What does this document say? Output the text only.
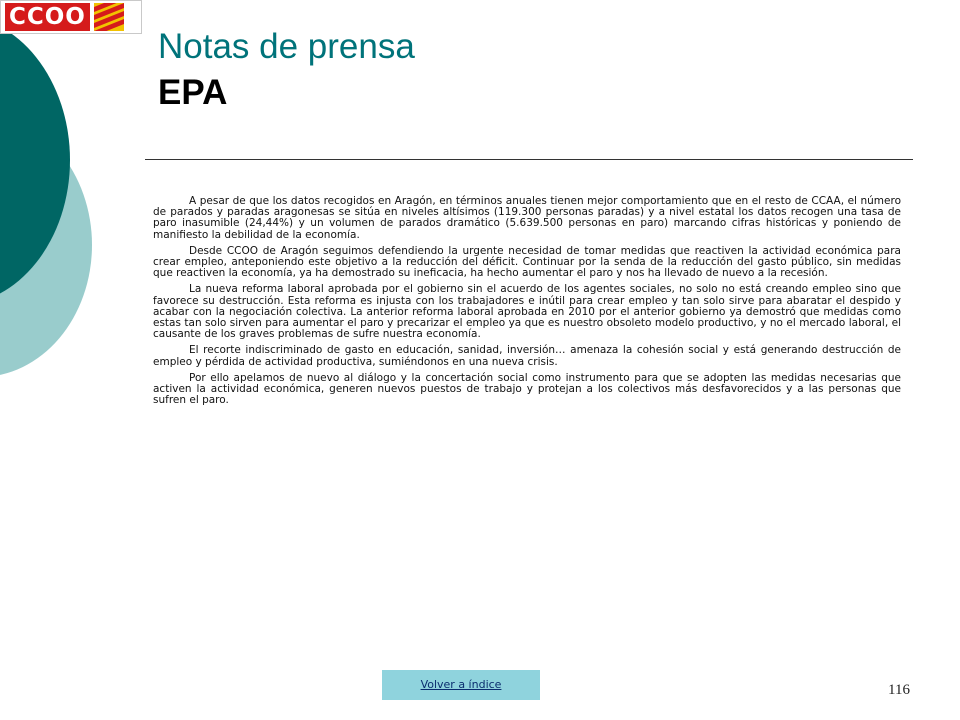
CCOO
Notas de prensa
EPA

A pesar de que los datos recogidos en Aragón, en términos anuales tienen mejor comportamiento que en el resto de CCAA, el número de parados y paradas aragonesas se sitúa en niveles altísimos (119.300 personas paradas) y a nivel estatal los datos recogen una tasa de paro inasumible (24,44%) y un volumen de parados dramático (5.639.500 personas en paro) marcando cifras históricas y poniendo de manifiesto la debilidad de la economía.

Desde CCOO de Aragón seguimos defendiendo la urgente necesidad de tomar medidas que reactiven la actividad económica para crear empleo, anteponiendo este objetivo a la reducción del déficit. Continuar por la senda de la reducción del gasto público, sin medidas que reactiven la economía, ya ha demostrado su ineficacia, ha hecho aumentar el paro y nos ha llevado de nuevo a la recesión.

La nueva reforma laboral aprobada por el gobierno sin el acuerdo de los agentes sociales, no solo no está creando empleo sino que favorece su destrucción. Esta reforma es injusta con los trabajadores e inútil para crear empleo y tan solo sirve para abaratar el despido y acabar con la negociación colectiva. La anterior reforma laboral aprobada en 2010 por el anterior gobierno ya demostró que medidas como estas tan solo sirven para aumentar el paro y precarizar el empleo ya que es nuestro obsoleto modelo productivo, y no el mercado laboral, el causante de los graves problemas de sufre nuestra economía.

El recorte indiscriminado de gasto en educación, sanidad, inversión… amenaza la cohesión social y está generando destrucción de empleo y pérdida de actividad productiva, sumiéndonos en una nueva crisis.

Por ello apelamos de nuevo al diálogo y la concertación social como instrumento para que se adopten las medidas necesarias que activen la actividad económica, generen nuevos puestos de trabajo y protejan a los colectivos más desfavorecidos y a las personas que sufren el paro.

Volver a índice	116
